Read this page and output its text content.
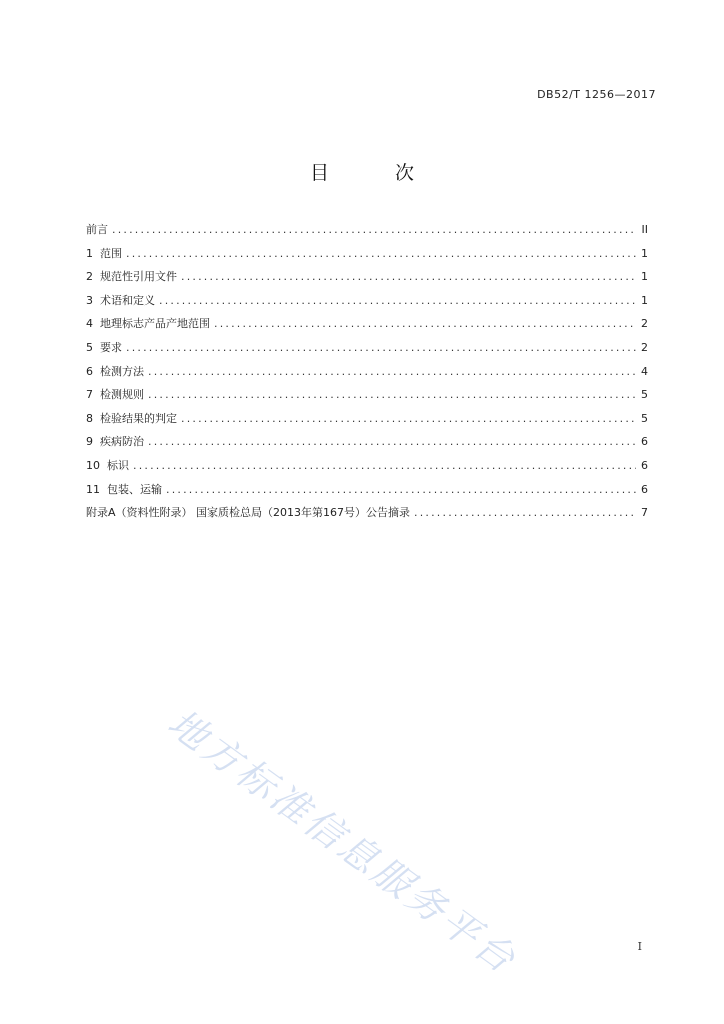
DB52/T 1256—2017
目 次
前言 .....	II
1 范围 .....	1
2 规范性引用文件 .....	1
3 术语和定义 .....	1
4 地理标志产品产地范围 .....	2
5 要求 .....	2
6 检测方法 .....	4
7 检测规则 .....	5
8 检验结果的判定 .....	5
9 疾病防治 .....	6
10 标识 .....	6
11 包装、运输 .....	6
附录A（资料性附录） 国家质检总局（2013年第167号）公告摘录 .....	7
地方标准信息服务平台	I
